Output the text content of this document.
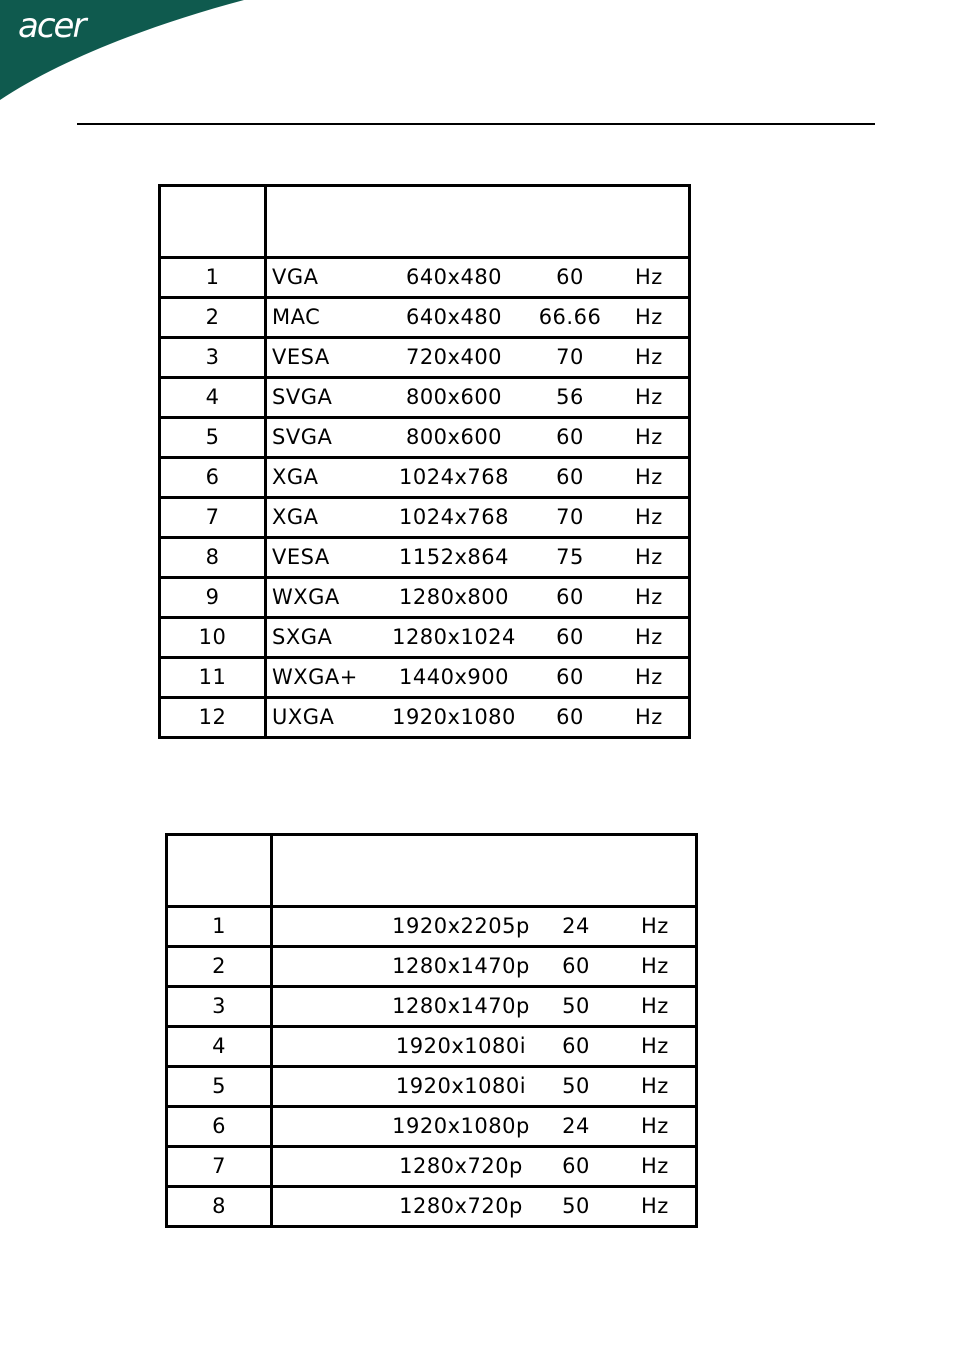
acer

1	VGA 640x480 60 Hz

2	MAC 640x480 66.66 Hz

3	VESA 720x400 70 Hz

4	SVGA 800x600 56 Hz

5	SVGA 800x600 60 Hz

6	XGA 1024x768 60 Hz

7	XGA 1024x768 70 Hz

8	VESA 1152x864 75 Hz

9	WXGA 1280x800 60 Hz

10	SXGA 1280x1024 60 Hz

11	WXGA+ 1440x900 60 Hz

12	UXGA 1920x1080 60 Hz

1	1920x2205p 24 Hz

2	1280x1470p 60 Hz

3	1280x1470p 50 Hz

4	1920x1080i 60 Hz

5	1920x1080i 50 Hz

6	1920x1080p 24 Hz

7	1280x720p 60 Hz

8	1280x720p 50 Hz
